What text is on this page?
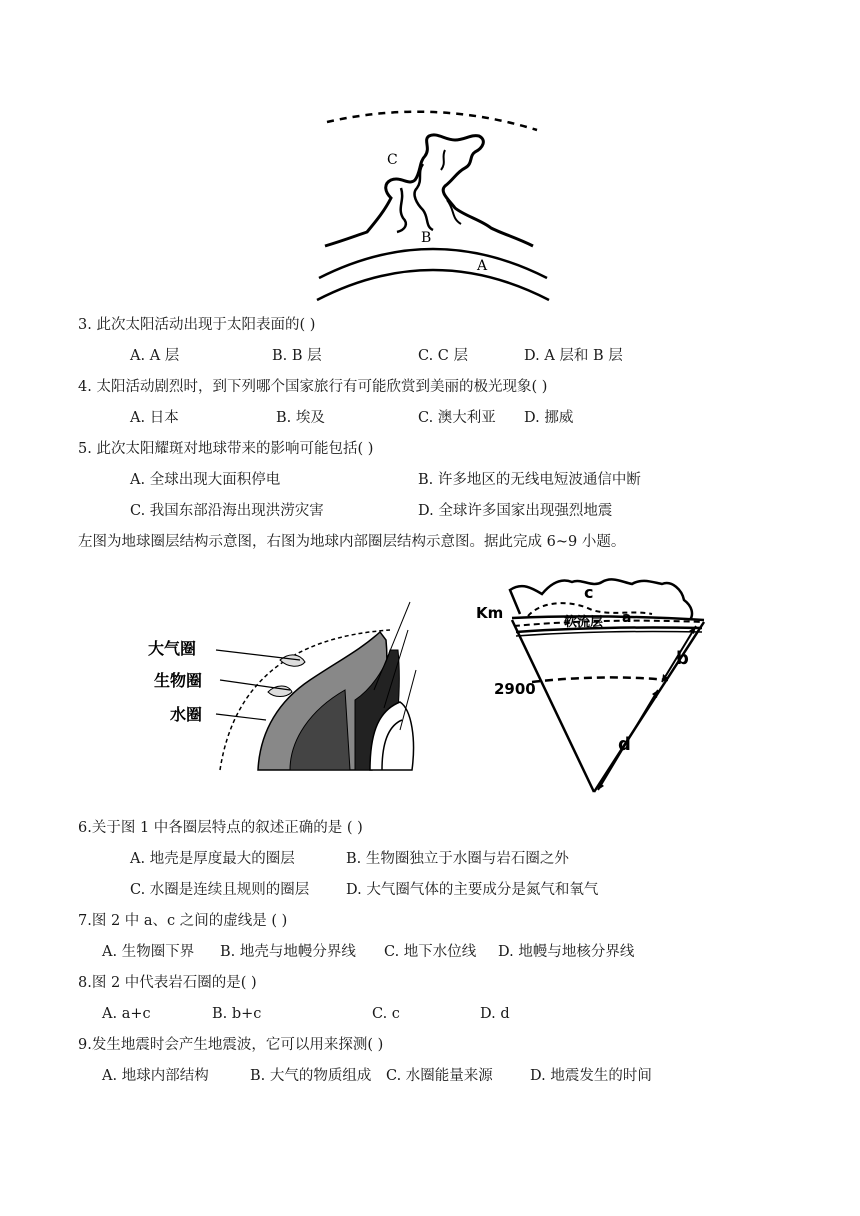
C
B
A
3. 此次太阳活动出现于太阳表面的( )
A. A 层	B. B 层	C. C 层	D. A 层和 B 层
4. 太阳活动剧烈时，到下列哪个国家旅行有可能欣赏到美丽的极光现象( )
A. 日本	B. 埃及	C. 澳大利亚 D. 挪威
5. 此次太阳耀斑对地球带来的影响可能包括( )
A. 全球出现大面积停电	B. 许多地区的无线电短波通信中断
C. 我国东部沿海出现洪涝灾害	D. 全球许多国家出现强烈地震
左图为地球圈层结构示意图，右图为地球内部圈层结构示意图。据此完成 6~9 小题。
大气圈
生物圈
水圈
Km
2900
c
a
软流层
b
d
6.关于图 1 中各圈层特点的叙述正确的是 ( )
A. 地壳是厚度最大的圈层	B. 生物圈独立于水圈与岩石圈之外
C. 水圈是连续且规则的圈层	D. 大气圈气体的主要成分是氮气和氧气
7.图 2 中 a、c 之间的虚线是 ( )
A. 生物圈下界 B. 地壳与地幔分界线 C. 地下水位线 D. 地幔与地核分界线
8.图 2 中代表岩石圈的是( )
A. a+c	B. b+c	C. c	D. d
9.发生地震时会产生地震波，它可以用来探测( )
A. 地球内部结构	B. 大气的物质组成 C. 水圈能量来源	D. 地震发生的时间
